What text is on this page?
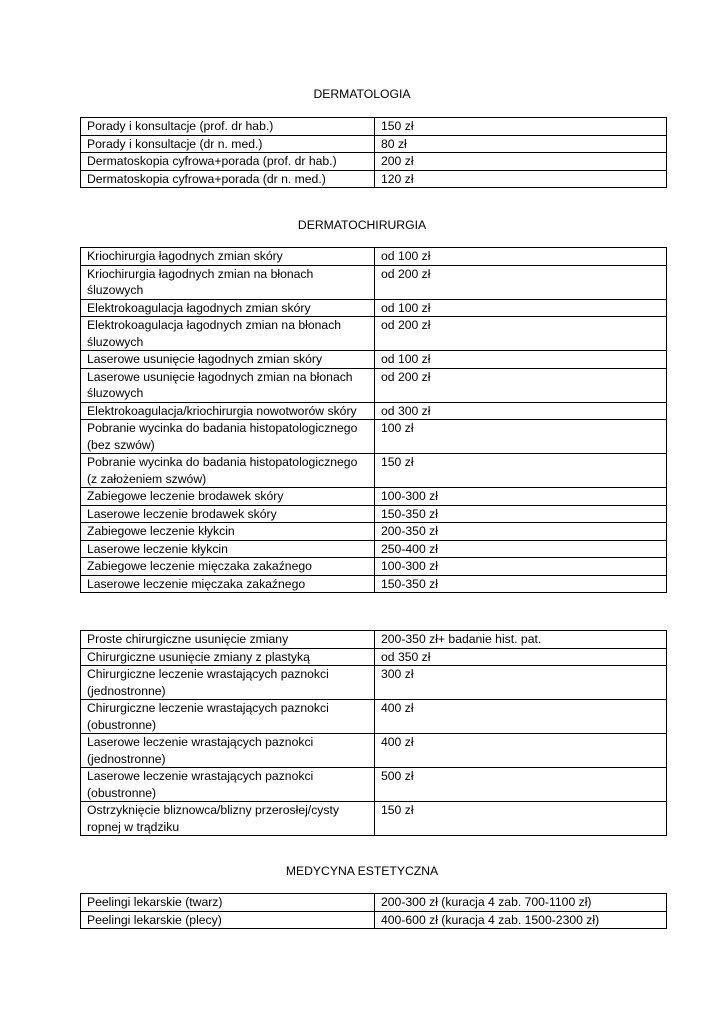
DERMATOLOGIA
Porady i konsultacje (prof. dr hab.)	150 zł
Porady i konsultacje (dr n. med.)	80 zł
Dermatoskopia cyfrowa+porada (prof. dr hab.)	200 zł
Dermatoskopia cyfrowa+porada (dr n. med.)	120 zł
DERMATOCHIRURGIA
Kriochirurgia łagodnych zmian skóry	od 100 zł
Kriochirurgia łagodnych zmian na błonach śluzowych	od 200 zł
Elektrokoagulacja łagodnych zmian skóry	od 100 zł
Elektrokoagulacja łagodnych zmian na błonach śluzowych	od 200 zł
Laserowe usunięcie łagodnych zmian skóry	od 100 zł
Laserowe usunięcie łagodnych zmian na błonach śluzowych	od 200 zł
Elektrokoagulacja/kriochirurgia nowotworów skóry	od 300 zł
Pobranie wycinka do badania histopatologicznego (bez szwów)	100 zł
Pobranie wycinka do badania histopatologicznego (z założeniem szwów)	150 zł
Zabiegowe leczenie brodawek skóry	100-300 zł
Laserowe leczenie brodawek skóry	150-350 zł
Zabiegowe leczenie kłykcin	200-350 zł
Laserowe leczenie kłykcin	250-400 zł
Zabiegowe leczenie mięczaka zakaźnego	100-300 zł
Laserowe leczenie mięczaka zakaźnego	150-350 zł
Proste chirurgiczne usunięcie zmiany	200-350 zł+ badanie hist. pat.
Chirurgiczne usunięcie zmiany z plastyką	od 350 zł
Chirurgiczne leczenie wrastających paznokci (jednostronne)	300 zł
Chirurgiczne leczenie wrastających paznokci (obustronne)	400 zł
Laserowe leczenie wrastających paznokci (jednostronne)	400 zł
Laserowe leczenie wrastających paznokci (obustronne)	500 zł
Ostrzyknięcie bliznowca/blizny przerosłej/cysty ropnej w trądziku	150 zł
MEDYCYNA ESTETYCZNA
Peelingi lekarskie (twarz)	200-300 zł (kuracja 4 zab. 700-1100 zł)
Peelingi lekarskie (plecy)	400-600 zł (kuracja 4 zab. 1500-2300 zł)
